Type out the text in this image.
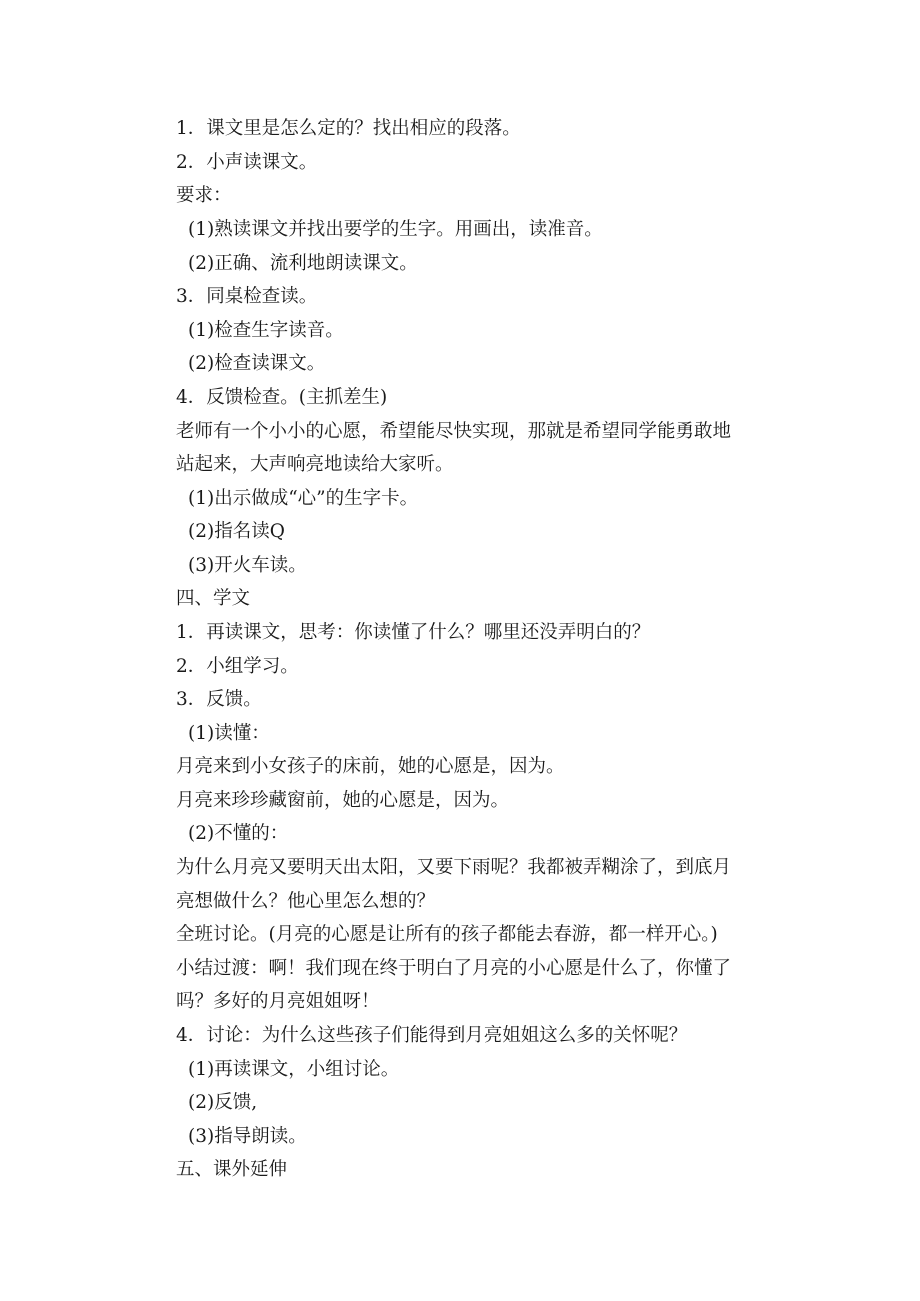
1．课文里是怎么定的？找出相应的段落。
2．小声读课文。
要求：
(1)熟读课文并找出要学的生字。用画出，读准音。
(2)正确、流利地朗读课文。
3．同桌检查读。
(1)检查生字读音。
(2)检查读课文。
4．反馈检查。(主抓差生)
老师有一个小小的心愿，希望能尽快实现，那就是希望同学能勇敢地
站起来，大声响亮地读给大家听。
(1)出示做成“心”的生字卡。
(2)指名读Q
(3)开火车读。
四、学文
1．再读课文，思考：你读懂了什么？哪里还没弄明白的？
2．小组学习。
3．反馈。
(1)读懂：
月亮来到小女孩子的床前，她的心愿是，因为。
月亮来珍珍藏窗前，她的心愿是，因为。
(2)不懂的：
为什么月亮又要明天出太阳，又要下雨呢？我都被弄糊涂了，到底月
亮想做什么？他心里怎么想的？
全班讨论。(月亮的心愿是让所有的孩子都能去春游，都一样开心。)
小结过渡：啊！我们现在终于明白了月亮的小心愿是什么了，你懂了
吗？多好的月亮姐姐呀！
4．讨论：为什么这些孩子们能得到月亮姐姐这么多的关怀呢？
(1)再读课文，小组讨论。
(2)反馈,
(3)指导朗读。
五、课外延伸
